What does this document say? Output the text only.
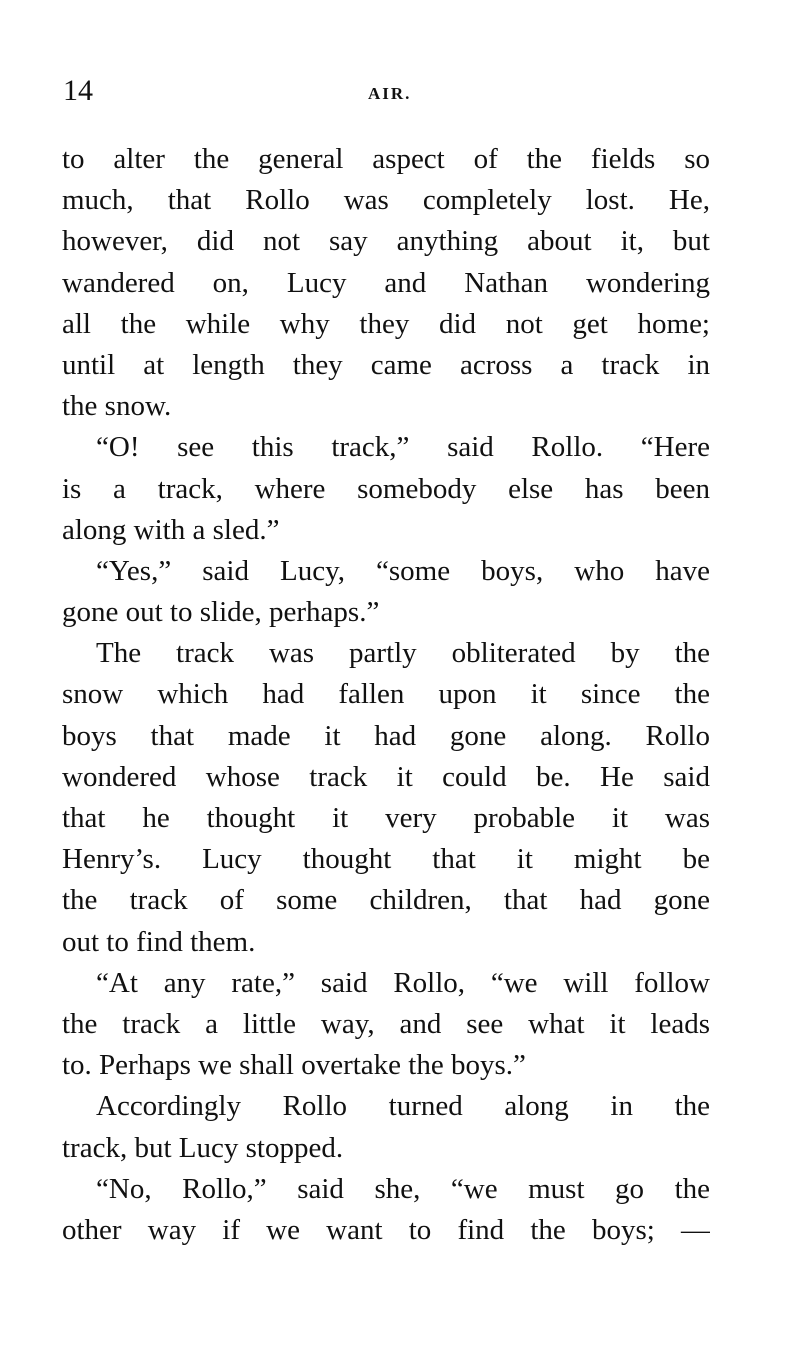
14	AIR.
to alter the general aspect of the fields so
much, that Rollo was completely lost. He,
however, did not say anything about it, but
wandered on, Lucy and Nathan wondering
all the while why they did not get home;
until at length they came across a track in
the snow.
“O! see this track,” said Rollo. “Here
is a track, where somebody else has been
along with a sled.”
“Yes,” said Lucy, “some boys, who have
gone out to slide, perhaps.”
The track was partly obliterated by the
snow which had fallen upon it since the
boys that made it had gone along. Rollo
wondered whose track it could be. He said
that he thought it very probable it was
Henry’s. Lucy thought that it might be
the track of some children, that had gone
out to find them.
“At any rate,” said Rollo, “we will follow
the track a little way, and see what it leads
to. Perhaps we shall overtake the boys.”
Accordingly Rollo turned along in the
track, but Lucy stopped.
“No, Rollo,” said she, “we must go the
other way if we want to find the boys; —
